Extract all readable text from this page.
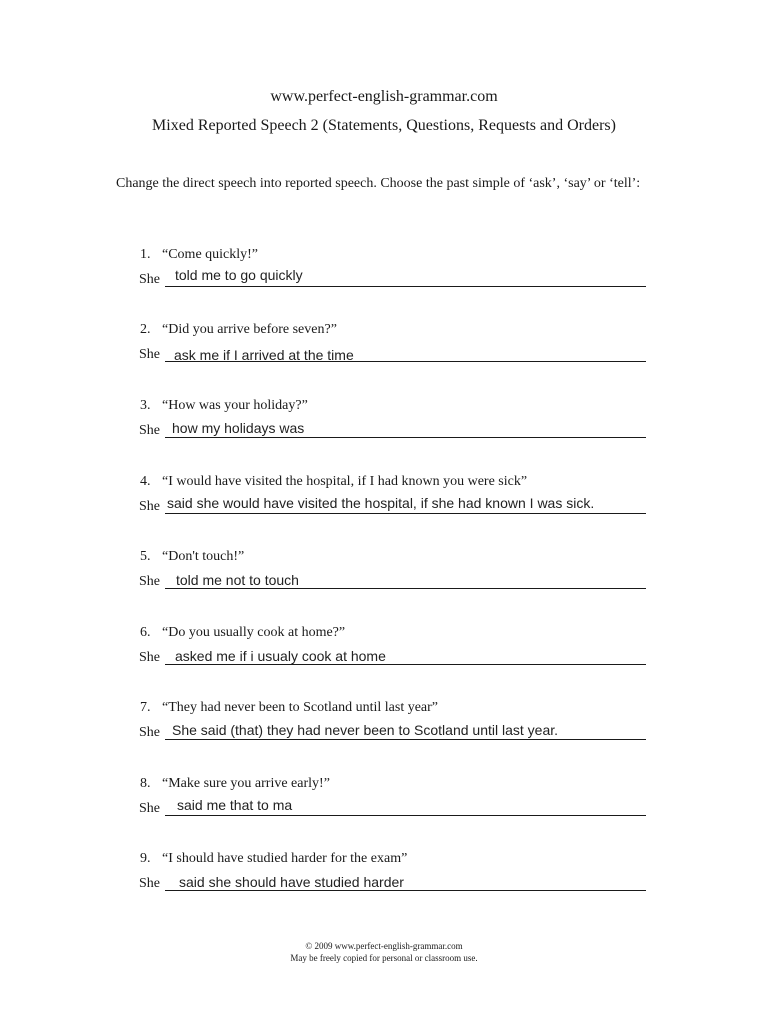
www.perfect-english-grammar.com
Mixed Reported Speech 2 (Statements, Questions, Requests and Orders)
Change the direct speech into reported speech. Choose the past simple of ‘ask’, ‘say’ or ‘tell’:
1. “Come quickly!”
She told me to go quickly
2. “Did you arrive before seven?”
She ask me if I arrived at the time
3. “How was your holiday?”
She how my holidays was
4. “I would have visited the hospital, if I had known you were sick”
She said she would have visited the hospital, if she had known I was sick.
5. “Don't touch!”
She told me not to touch
6. “Do you usually cook at home?”
She asked me if i usualy cook at home
7. “They had never been to Scotland until last year”
She She said (that) they had never been to Scotland until last year.
8. “Make sure you arrive early!”
She said me that to ma
9. “I should have studied harder for the exam”
She said she should have studied harder
© 2009 www.perfect-english-grammar.com
May be freely copied for personal or classroom use.
